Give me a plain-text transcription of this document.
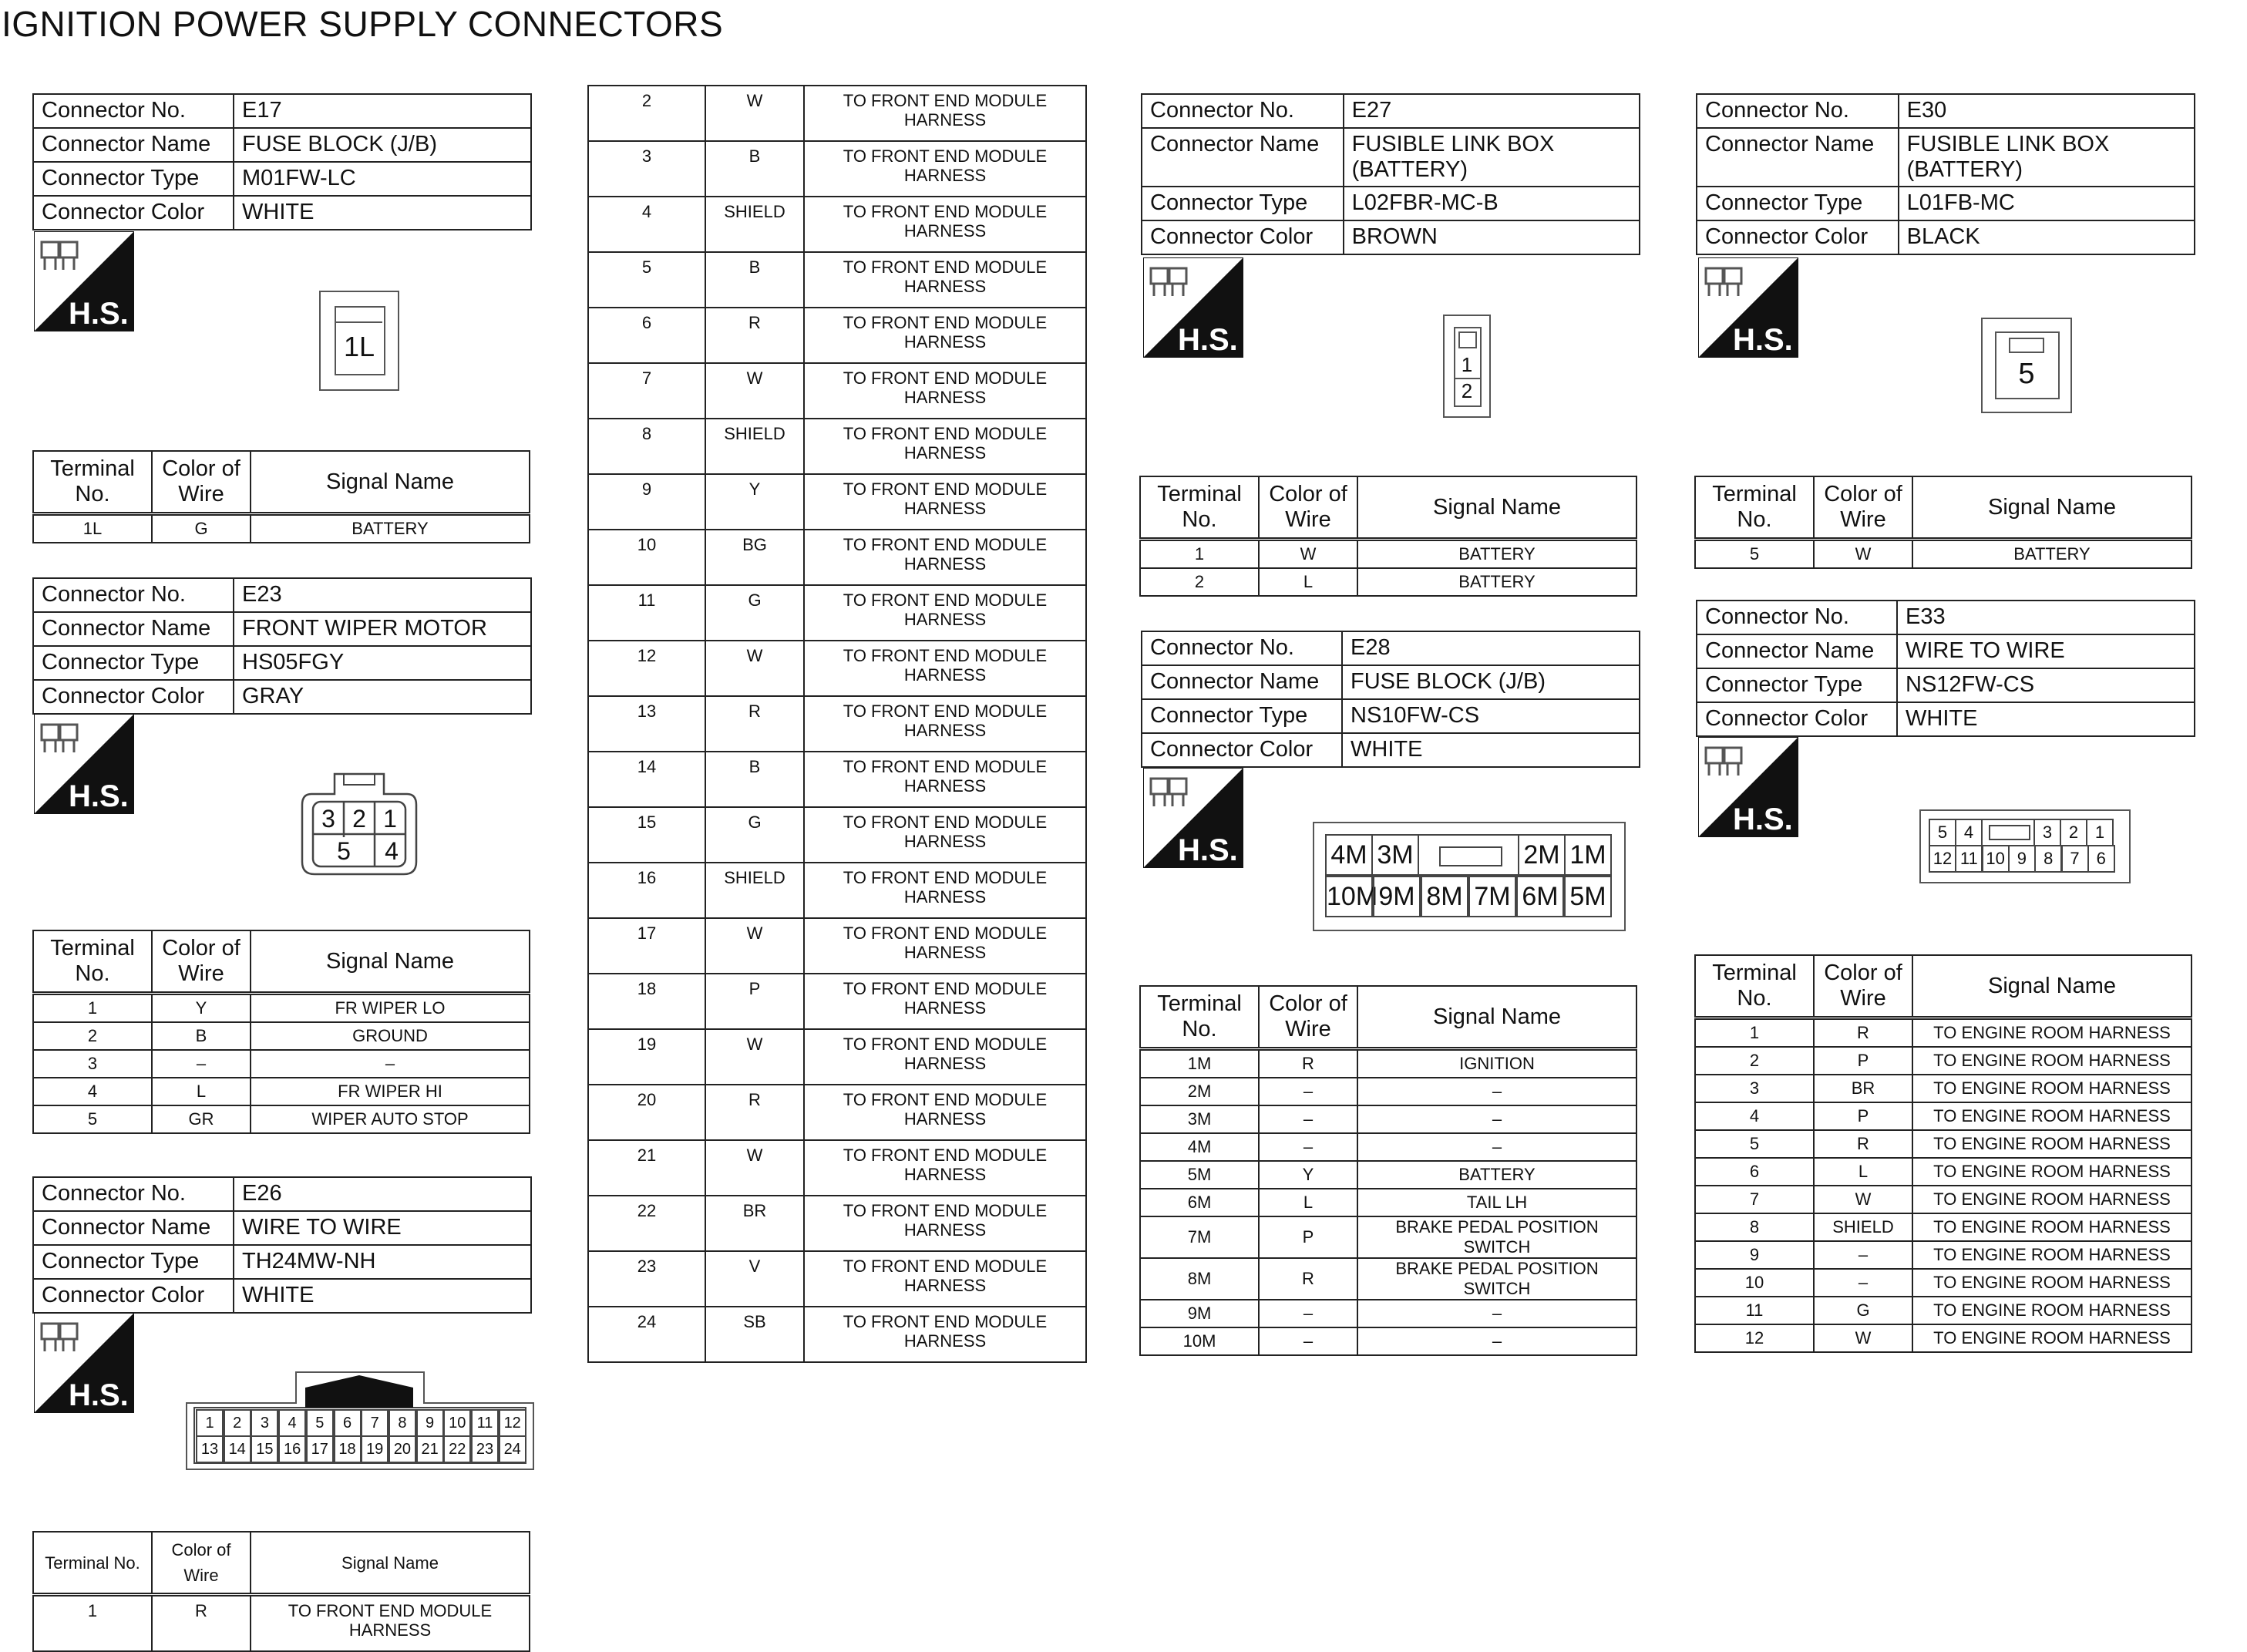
IGNITION POWER SUPPLY CONNECTORS
Connector No.	E17
Connector Name	FUSE BLOCK (J/B)
Connector Type	M01FW-LC
Connector Color	WHITE
H.S.
1L
Terminal No.	Color of Wire	Signal Name
1L	G	BATTERY
Connector No.	E23
Connector Name	FRONT WIPER MOTOR
Connector Type	HS05FGY
Connector Color	GRAY
H.S.
3 2 1
5	4
Terminal No.	Color of Wire	Signal Name
1	Y	FR WIPER LO
2	B	GROUND
3	–	–
4	L	FR WIPER HI
5	GR	WIPER AUTO STOP
Connector No.	E26
Connector Name	WIRE TO WIRE
Connector Type	TH24MW-NH
Connector Color	WHITE
H.S.
1	2	3	4	5	6	7	8	9 10 11 12
13 14 15 16 17 18 19 20 21 22 23 24
Terminal No.	Color of Wire	Signal Name
1	R	TO FRONT END MODULE HARNESS
2	W	TO FRONT END MODULE HARNESS
3	B	TO FRONT END MODULE HARNESS
4	SHIELD	TO FRONT END MODULE HARNESS
5	B	TO FRONT END MODULE HARNESS
6	R	TO FRONT END MODULE HARNESS
7	W	TO FRONT END MODULE HARNESS
8	SHIELD	TO FRONT END MODULE HARNESS
9	Y	TO FRONT END MODULE HARNESS
10	BG	TO FRONT END MODULE HARNESS
11	G	TO FRONT END MODULE HARNESS
12	W	TO FRONT END MODULE HARNESS
13	R	TO FRONT END MODULE HARNESS
14	B	TO FRONT END MODULE HARNESS
15	G	TO FRONT END MODULE HARNESS
16	SHIELD	TO FRONT END MODULE HARNESS
17	W	TO FRONT END MODULE HARNESS
18	P	TO FRONT END MODULE HARNESS
19	W	TO FRONT END MODULE HARNESS
20	R	TO FRONT END MODULE HARNESS
21	W	TO FRONT END MODULE HARNESS
22	BR	TO FRONT END MODULE HARNESS
23	V	TO FRONT END MODULE HARNESS
24	SB	TO FRONT END MODULE HARNESS
Connector No.	E27
Connector Name	FUSIBLE LINK BOX (BATTERY)
Connector Type	L02FBR-MC-B
Connector Color	BROWN
H.S.
1
2
Terminal No.	Color of Wire	Signal Name
1	W	BATTERY
2	L	BATTERY
Connector No.	E28
Connector Name	FUSE BLOCK (J/B)
Connector Type	NS10FW-CS
Connector Color	WHITE
H.S.	4M 3M	2M 1M
10M 9M 8M 7M 6M 5M
Terminal No.	Color of Wire	Signal Name
1M	R	IGNITION
2M	–	–
3M	–	–
4M	–	–
5M	Y	BATTERY
6M	L	TAIL LH
7M	P	BRAKE PEDAL POSITION SWITCH
8M	R	BRAKE PEDAL POSITION SWITCH
9M	–	–
10M	–	–
Connector No.	E30
Connector Name	FUSIBLE LINK BOX (BATTERY)
Connector Type	L01FB-MC
Connector Color	BLACK
H.S.
5
Terminal No.	Color of Wire	Signal Name
5	W	BATTERY
Connector No.	E33
Connector Name	WIRE TO WIRE
Connector Type	NS12FW-CS
Connector Color	WHITE
H.S.	5 4	3 2 1
12 11 10 9	8	7	6
Terminal No.	Color of Wire	Signal Name
1	R	TO ENGINE ROOM HARNESS
2	P	TO ENGINE ROOM HARNESS
3	BR	TO ENGINE ROOM HARNESS
4	P	TO ENGINE ROOM HARNESS
5	R	TO ENGINE ROOM HARNESS
6	L	TO ENGINE ROOM HARNESS
7	W	TO ENGINE ROOM HARNESS
8	SHIELD	TO ENGINE ROOM HARNESS
9	–	TO ENGINE ROOM HARNESS
10	–	TO ENGINE ROOM HARNESS
11	G	TO ENGINE ROOM HARNESS
12	W	TO ENGINE ROOM HARNESS
